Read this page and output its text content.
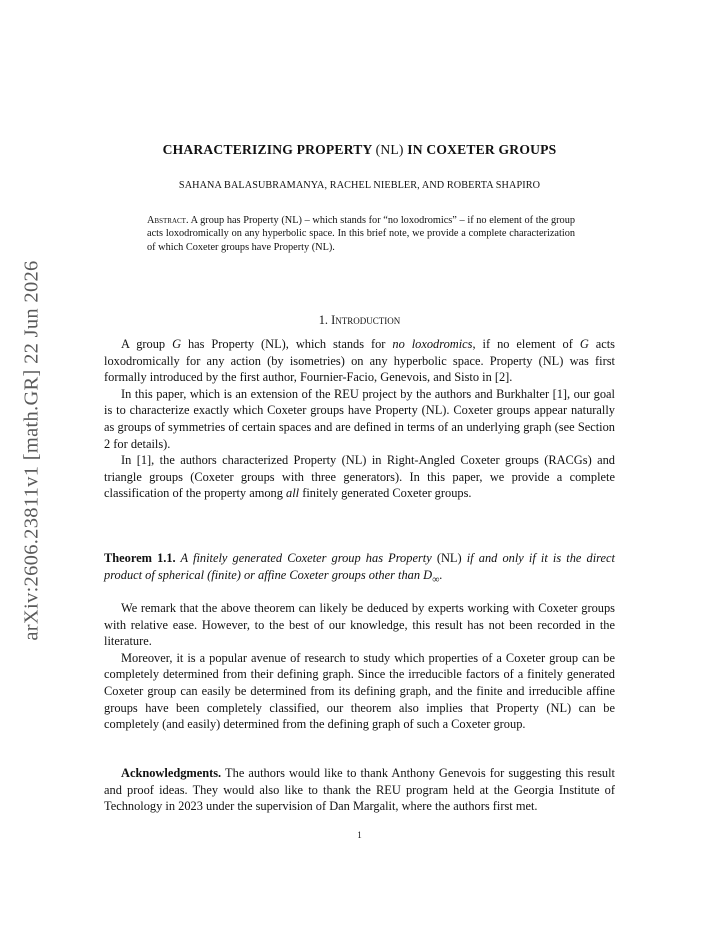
arXiv:2606.23811v1 [math.GR] 22 Jun 2026
CHARACTERIZING PROPERTY (NL) IN COXETER GROUPS
SAHANA BALASUBRAMANYA, RACHEL NIEBLER, AND ROBERTA SHAPIRO
Abstract. A group has Property (NL) – which stands for “no loxodromics” – if no element of the group acts loxodromically on any hyperbolic space. In this brief note, we provide a complete characterization of which Coxeter groups have Property (NL).
1. Introduction

A group G has Property (NL), which stands for no loxodromics, if no element of G acts loxodromically for any action (by isometries) on any hyperbolic space. Property (NL) was first formally introduced by the first author, Fournier-Facio, Genevois, and Sisto in [2].

In this paper, which is an extension of the REU project by the authors and Burkhalter [1], our goal is to characterize exactly which Coxeter groups have Property (NL). Coxeter groups appear naturally as groups of symmetries of certain spaces and are defined in terms of an underlying graph (see Section 2 for details).

In [1], the authors characterized Property (NL) in Right-Angled Coxeter groups (RACGs) and triangle groups (Coxeter groups with three generators). In this paper, we provide a complete classification of the property among all finitely generated Coxeter groups.

Theorem 1.1. A finitely generated Coxeter group has Property (NL) if and only if it is the direct product of spherical (finite) or affine Coxeter groups other than $D_\infty$.

We remark that the above theorem can likely be deduced by experts working with Coxeter groups with relative ease. However, to the best of our knowledge, this result has not been recorded in the literature.

Moreover, it is a popular avenue of research to study which properties of a Coxeter group can be completely determined from their defining graph. Since the irreducible factors of a finitely generated Coxeter group can easily be determined from its defining graph, and the finite and irreducible affine groups have been completely classified, our theorem also implies that Property (NL) can be completely (and easily) determined from the defining graph of such a Coxeter group.

Acknowledgments. The authors would like to thank Anthony Genevois for suggesting this result and proof ideas. They would also like to thank the REU program held at the Georgia Institute of Technology in 2023 under the supervision of Dan Margalit, where the authors first met.

1
